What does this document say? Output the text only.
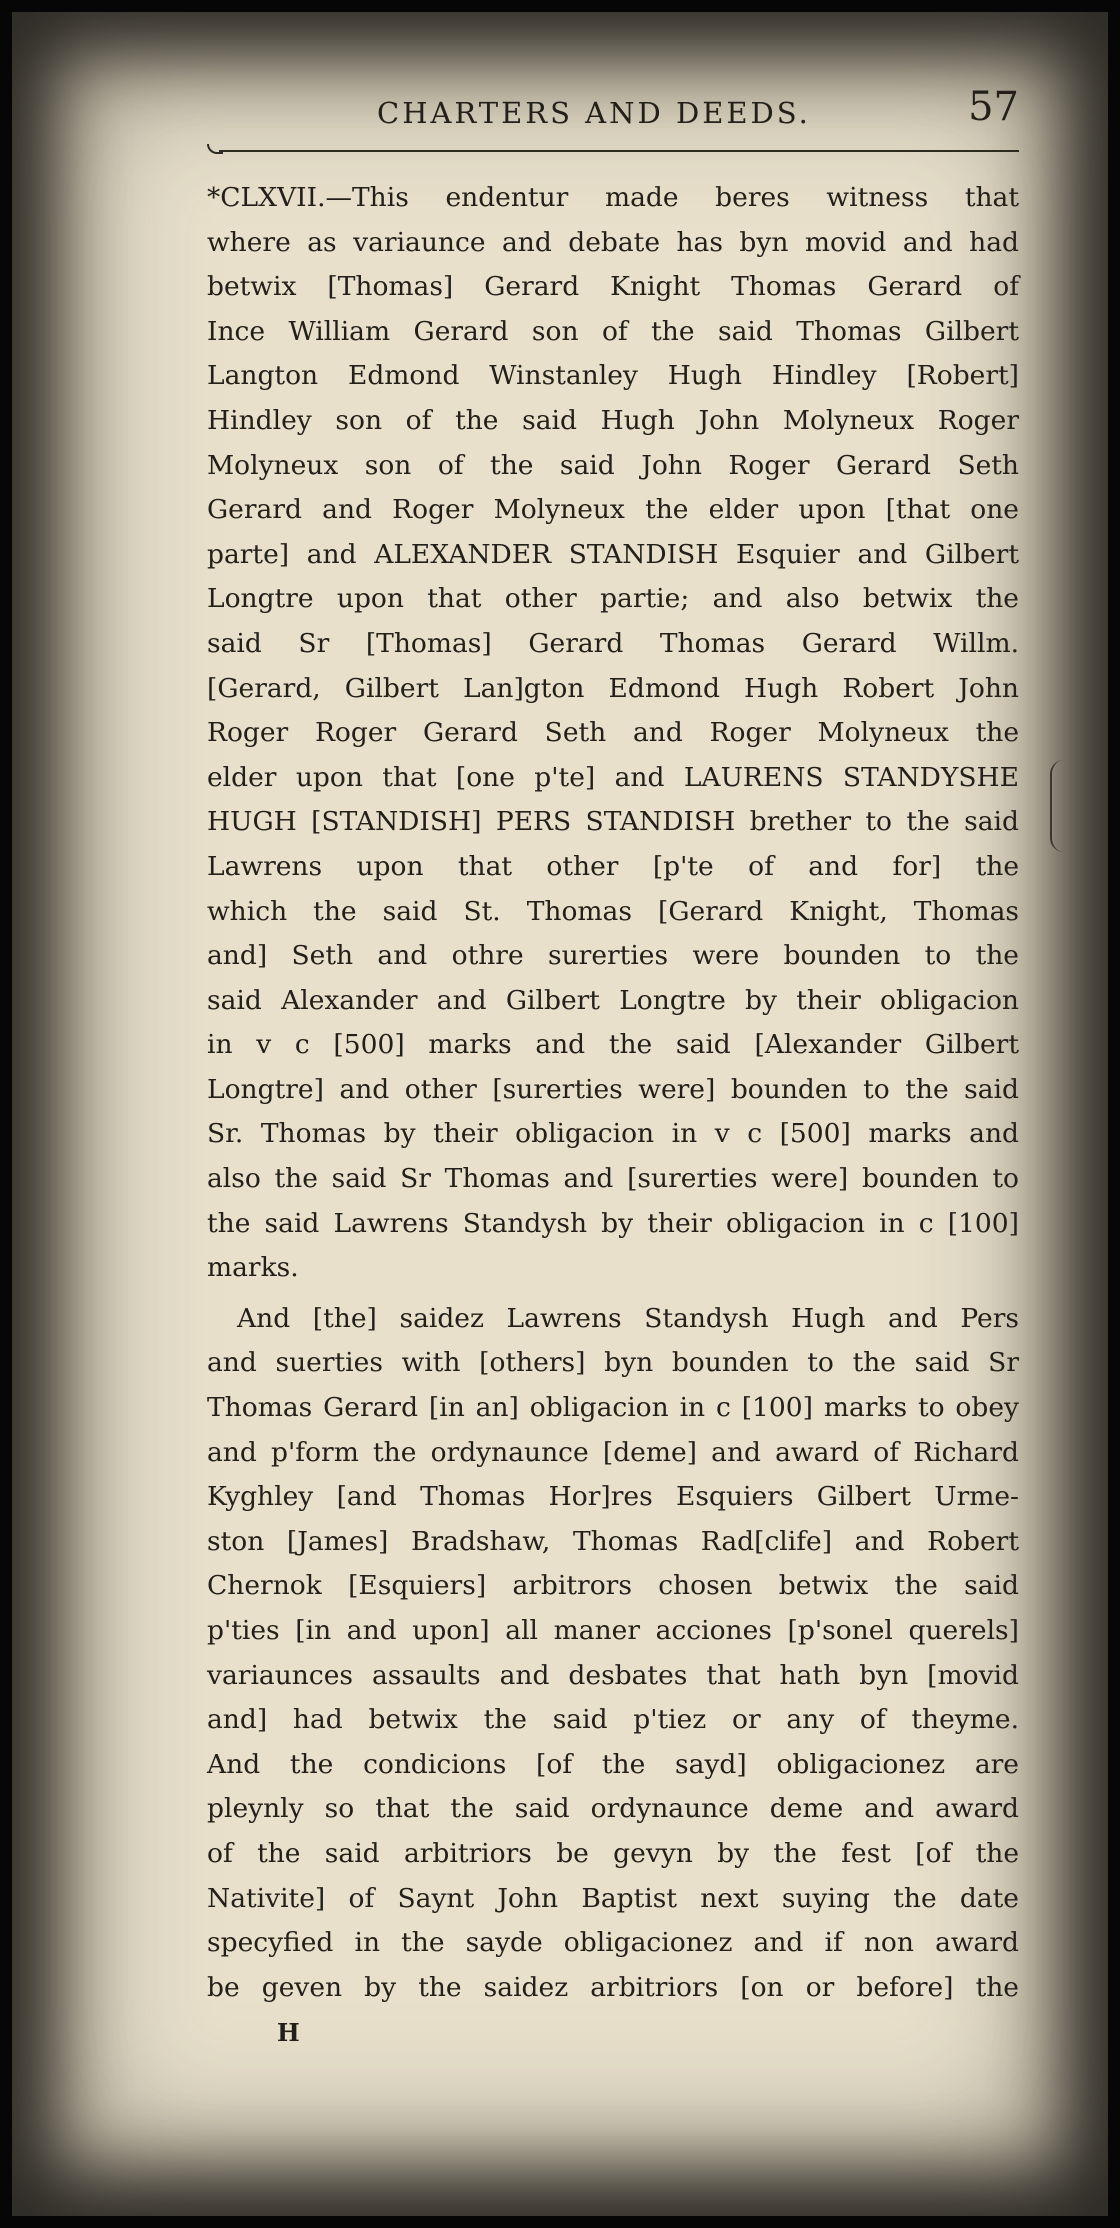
CHARTERS AND DEEDS.	57

*CLXVII.—This endentur made beres witness that
where as variaunce and debate has byn movid and had
betwix [Thomas] Gerard Knight Thomas Gerard of
Ince William Gerard son of the said Thomas Gilbert
Langton Edmond Winstanley Hugh Hindley [Robert]
Hindley son of the said Hugh John Molyneux Roger
Molyneux son of the said John Roger Gerard Seth
Gerard and Roger Molyneux the elder upon [that one
parte] and ALEXANDER STANDISH Esquier and Gilbert
Longtre upon that other partie; and also betwix the
said Sr [Thomas] Gerard Thomas Gerard Willm.
[Gerard, Gilbert Lan]gton Edmond Hugh Robert John
Roger Roger Gerard Seth and Roger Molyneux the
elder upon that [one p'te] and LAURENS STANDYSHE
HUGH [STANDISH] PERS STANDISH brether to the said
Lawrens upon that other [p'te of and for] the
which the said St. Thomas [Gerard Knight, Thomas
and] Seth and othre surerties were bounden to the
said Alexander and Gilbert Longtre by their obligacion
in v c [500] marks and the said [Alexander Gilbert
Longtre] and other [surerties were] bounden to the said
Sr. Thomas by their obligacion in v c [500] marks and
also the said Sr Thomas and [surerties were] bounden to
the said Lawrens Standysh by their obligacion in c [100]
marks.

And [the] saidez Lawrens Standysh Hugh and Pers
and suerties with [others] byn bounden to the said Sr
Thomas Gerard [in an] obligacion in c [100] marks to obey
and p'form the ordynaunce [deme] and award of Richard
Kyghley [and Thomas Hor]res Esquiers Gilbert Urme-
ston [James] Bradshaw, Thomas Rad[clife] and Robert
Chernok [Esquiers] arbitrors chosen betwix the said
p'ties [in and upon] all maner acciones [p'sonel querels]
variaunces assaults and desbates that hath byn [movid
and] had betwix the said p'tiez or any of theyme.
And the condicions [of the sayd] obligacionez are
pleynly so that the said ordynaunce deme and award
of the said arbitriors be gevyn by the fest [of the
Nativite] of Saynt John Baptist next suying the date
specyfied in the sayde obligacionez and if non award
be geven by the saidez arbitriors [on or before] the

H
